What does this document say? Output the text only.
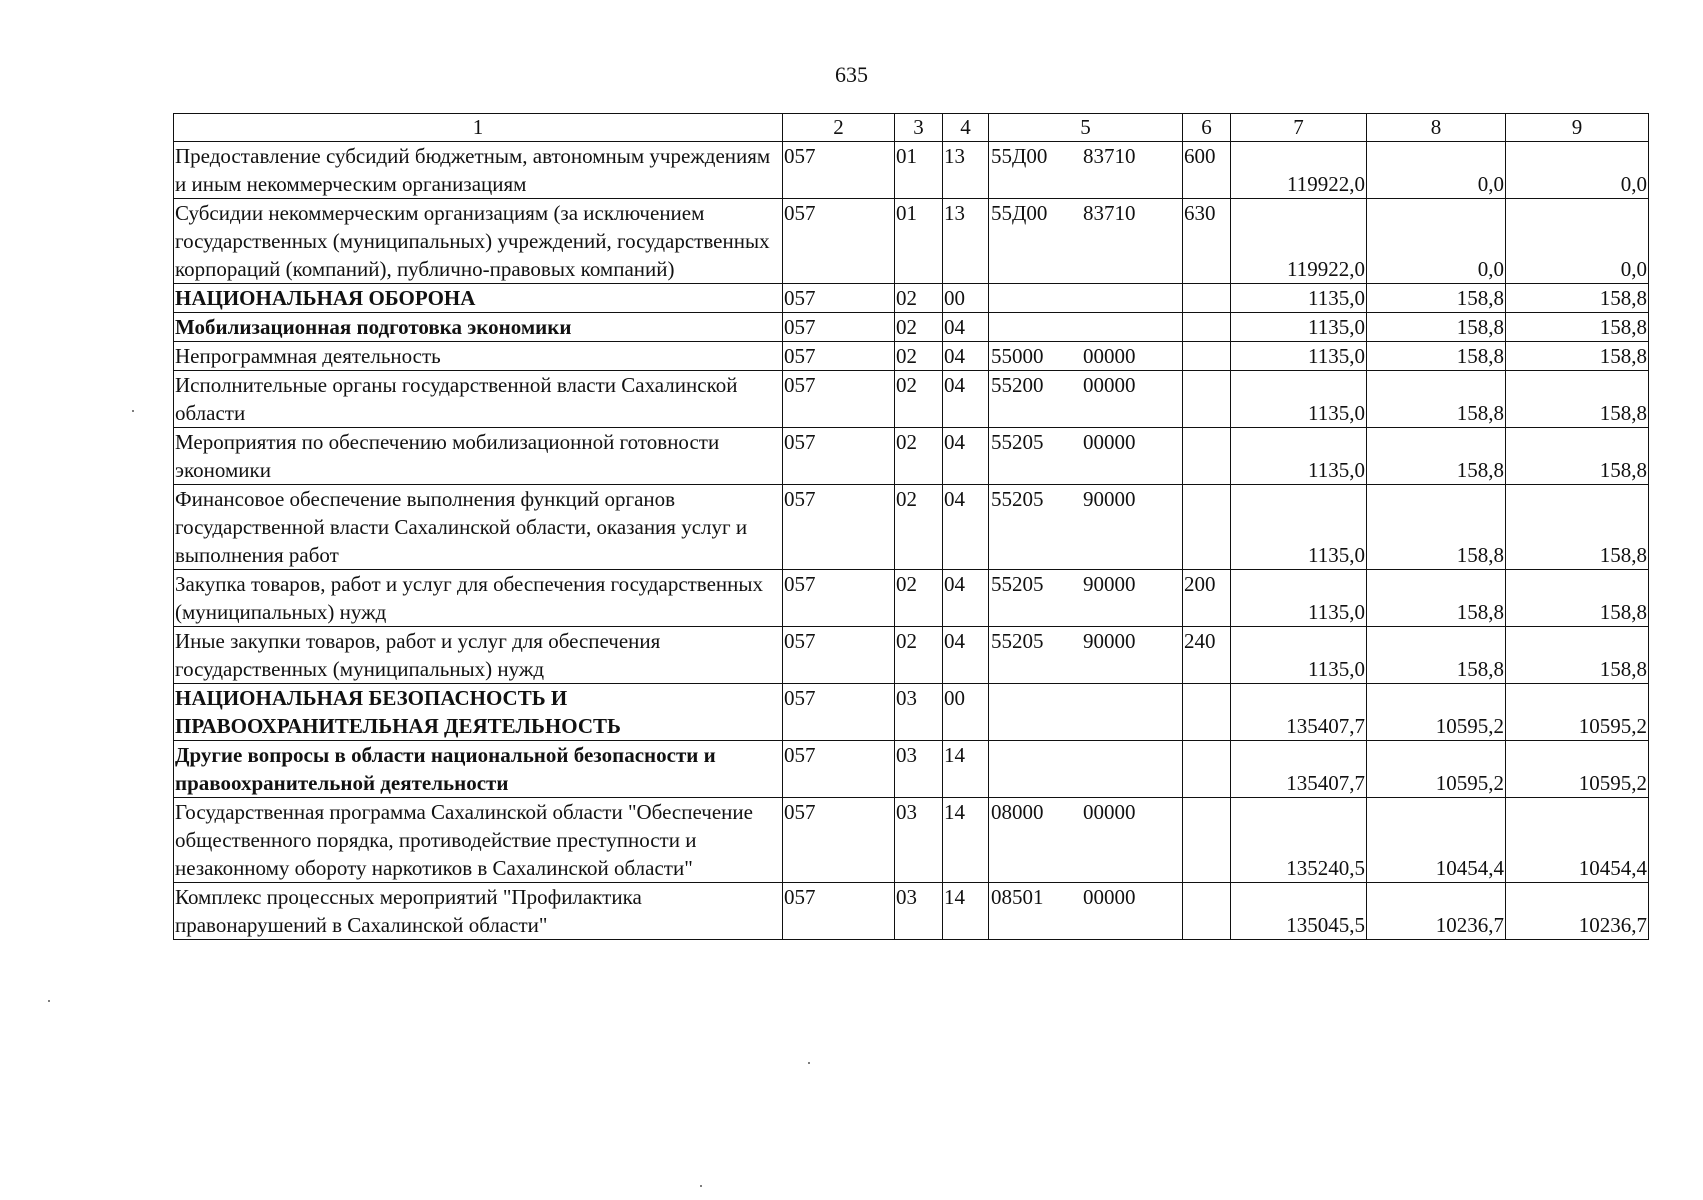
635
1	2	3	4	5	6	7	8	9
Предоставление субсидий бюджетным, автономным учреждениям и иным некоммерческим организациям	057	01	13	55Д00 83710	600	119922,0	0,0	0,0
Субсидии некоммерческим организациям (за исключением государственных (муниципальных) учреждений, государственных корпораций (компаний), публично-правовых компаний)	057	01	13	55Д00 83710	630	119922,0	0,0	0,0
НАЦИОНАЛЬНАЯ ОБОРОНА	057	02	00			1135,0	158,8	158,8
Мобилизационная подготовка экономики	057	02	04			1135,0	158,8	158,8
Непрограммная деятельность	057	02	04	55000 00000		1135,0	158,8	158,8
Исполнительные органы государственной власти Сахалинской области	057	02	04	55200 00000		1135,0	158,8	158,8
Мероприятия по обеспечению мобилизационной готовности экономики	057	02	04	55205 00000		1135,0	158,8	158,8
Финансовое обеспечение выполнения функций органов государственной власти Сахалинской области, оказания услуг и выполнения работ	057	02	04	55205 90000		1135,0	158,8	158,8
Закупка товаров, работ и услуг для обеспечения государственных (муниципальных) нужд	057	02	04	55205 90000	200	1135,0	158,8	158,8
Иные закупки товаров, работ и услуг для обеспечения государственных (муниципальных) нужд	057	02	04	55205 90000	240	1135,0	158,8	158,8
НАЦИОНАЛЬНАЯ БЕЗОПАСНОСТЬ И ПРАВООХРАНИТЕЛЬНАЯ ДЕЯТЕЛЬНОСТЬ	057	03	00			135407,7	10595,2	10595,2
Другие вопросы в области национальной безопасности и правоохранительной деятельности	057	03	14			135407,7	10595,2	10595,2
Государственная программа Сахалинской области "Обеспечение общественного порядка, противодействие преступности и незаконному обороту наркотиков в Сахалинской области"	057	03	14	08000 00000		135240,5	10454,4	10454,4
Комплекс процессных мероприятий "Профилактика правонарушений в Сахалинской области"	057	03	14	08501 00000		135045,5	10236,7	10236,7
